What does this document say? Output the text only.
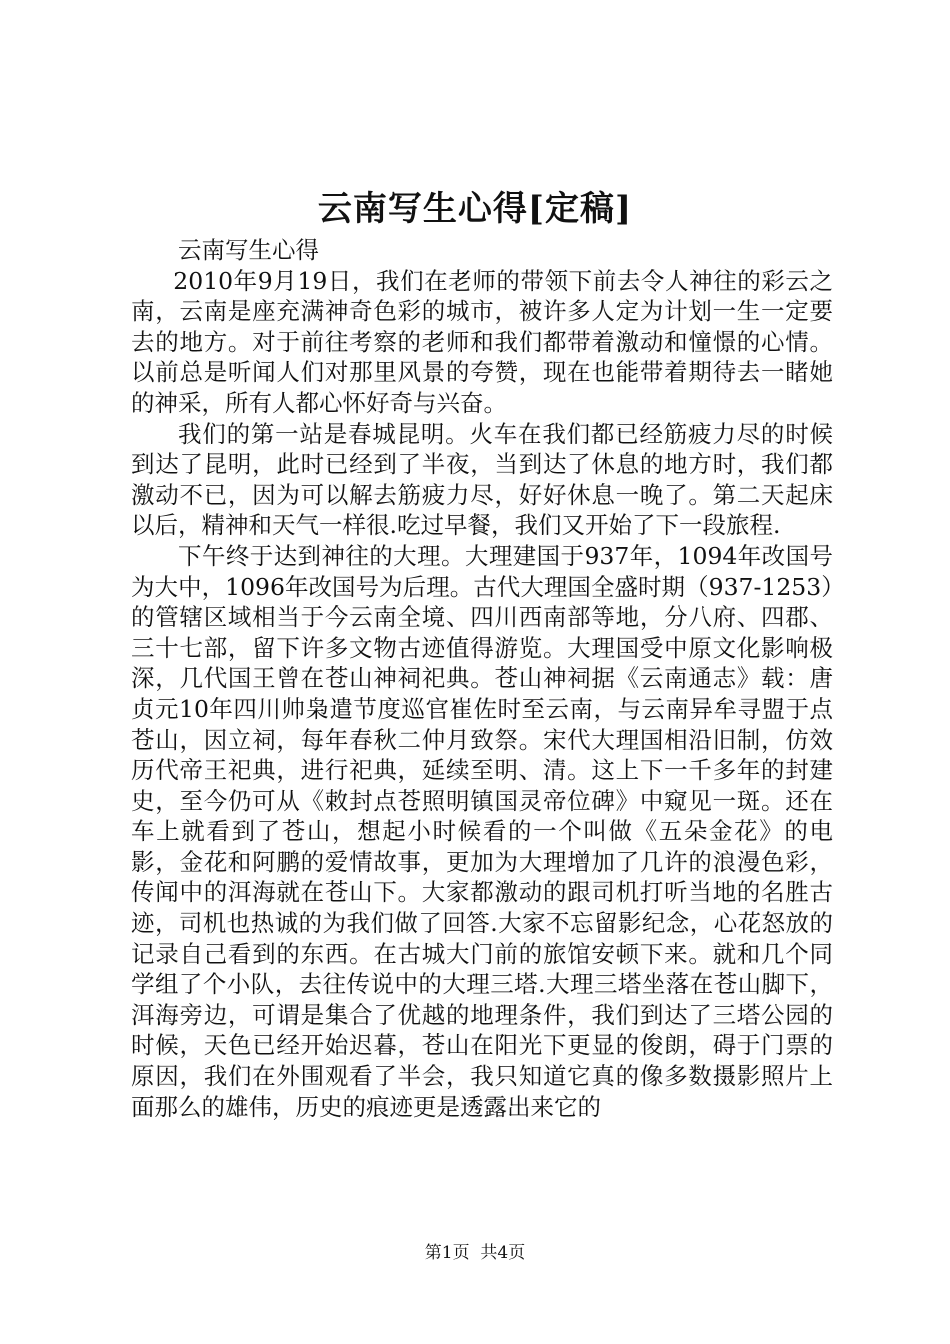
云南写生心得[定稿]

云南写生心得

2010年9月19日，我们在老师的带领下前去令人神往的彩云之南，云南是座充满神奇色彩的城市，被许多人定为计划一生一定要去的地方。对于前往考察的老师和我们都带着激动和憧憬的心情。以前总是听闻人们对那里风景的夸赞，现在也能带着期待去一睹她的神采，所有人都心怀好奇与兴奋。

我们的第一站是春城昆明。火车在我们都已经筋疲力尽的时候到达了昆明，此时已经到了半夜，当到达了休息的地方时，我们都激动不已，因为可以解去筋疲力尽，好好休息一晚了。第二天起床以后，精神和天气一样很.吃过早餐，我们又开始了下一段旅程.

下午终于达到神往的大理。大理建国于937年，1094年改国号为大中，1096年改国号为后理。古代大理国全盛时期（937-1253）的管辖区域相当于今云南全境、四川西南部等地，分八府、四郡、三十七部，留下许多文物古迹值得游览。大理国受中原文化影响极深，几代国王曾在苍山神祠祀典。苍山神祠据《云南通志》载：唐贞元10年四川帅枭遣节度巡官崔佐时至云南，与云南异牟寻盟于点苍山，因立祠，每年春秋二仲月致祭。宋代大理国相沿旧制，仿效历代帝王祀典，进行祀典，延续至明、清。这上下一千多年的封建史，至今仍可从《敕封点苍照明镇国灵帝位碑》中窥见一斑。还在车上就看到了苍山，想起小时候看的一个叫做《五朵金花》的电影，金花和阿鹏的爱情故事，更加为大理增加了几许的浪漫色彩，传闻中的洱海就在苍山下。大家都激动的跟司机打听当地的名胜古迹，司机也热诚的为我们做了回答.大家不忘留影纪念，心花怒放的记录自己看到的东西。在古城大门前的旅馆安顿下来。就和几个同学组了个小队，去往传说中的大理三塔.大理三塔坐落在苍山脚下，洱海旁边，可谓是集合了优越的地理条件，我们到达了三塔公园的时候，天色已经开始迟暮，苍山在阳光下更显的俊朗，碍于门票的原因，我们在外围观看了半会，我只知道它真的像多数摄影照片上面那么的雄伟，历史的痕迹更是透露出来它的

第1页 共4页
